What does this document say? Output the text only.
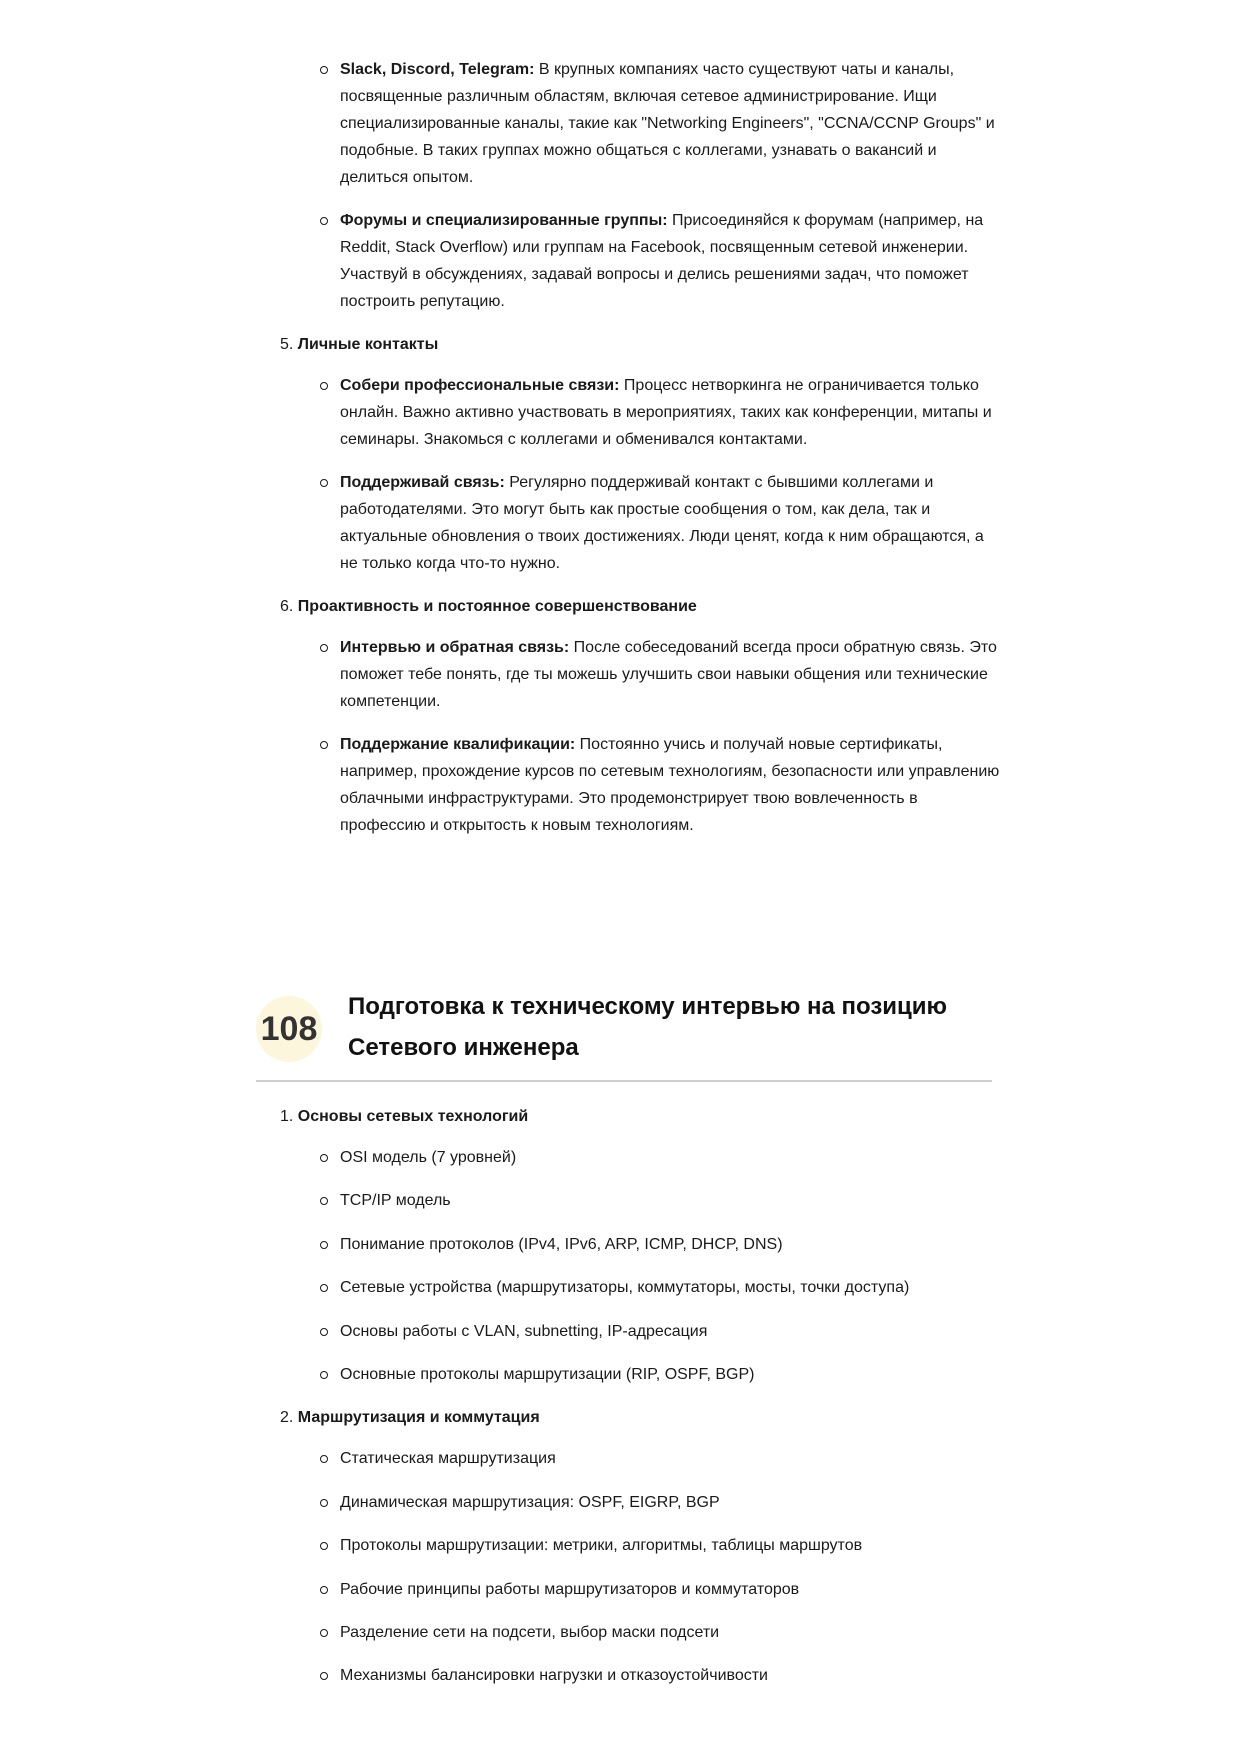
Slack, Discord, Telegram: В крупных компаниях часто существуют чаты и каналы, посвященные различным областям, включая сетевое администрирование. Ищи специализированные каналы, такие как "Networking Engineers", "CCNA/CCNP Groups" и подобные. В таких группах можно общаться с коллегами, узнавать о вакансий и делиться опытом.
Форумы и специализированные группы: Присоединяйся к форумам (например, на Reddit, Stack Overflow) или группам на Facebook, посвященным сетевой инженерии. Участвуй в обсуждениях, задавай вопросы и делись решениями задач, что поможет построить репутацию.
5. Личные контакты
Собери профессиональные связи: Процесс нетворкинга не ограничивается только онлайн. Важно активно участвовать в мероприятиях, таких как конференции, митапы и семинары. Знакомься с коллегами и обменивался контактами.
Поддерживай связь: Регулярно поддерживай контакт с бывшими коллегами и работодателями. Это могут быть как простые сообщения о том, как дела, так и актуальные обновления о твоих достижениях. Люди ценят, когда к ним обращаются, а не только когда что-то нужно.
6. Проактивность и постоянное совершенствование
Интервью и обратная связь: После собеседований всегда проси обратную связь. Это поможет тебе понять, где ты можешь улучшить свои навыки общения или технические компетенции.
Поддержание квалификации: Постоянно учись и получай новые сертификаты, например, прохождение курсов по сетевым технологиям, безопасности или управлению облачными инфраструктурами. Это продемонстрирует твою вовлеченность в профессию и открытость к новым технологиям.
108
Подготовка к техническому интервью на позицию
Сетевого инженера
1. Основы сетевых технологий
OSI модель (7 уровней)
TCP/IP модель
Понимание протоколов (IPv4, IPv6, ARP, ICMP, DHCP, DNS)
Сетевые устройства (маршрутизаторы, коммутаторы, мосты, точки доступа)
Основы работы с VLAN, subnetting, IP-адресация
Основные протоколы маршрутизации (RIP, OSPF, BGP)
2. Маршрутизация и коммутация
Статическая маршрутизация
Динамическая маршрутизация: OSPF, EIGRP, BGP
Протоколы маршрутизации: метрики, алгоритмы, таблицы маршрутов
Рабочие принципы работы маршрутизаторов и коммутаторов
Разделение сети на подсети, выбор маски подсети
Механизмы балансировки нагрузки и отказоустойчивости
